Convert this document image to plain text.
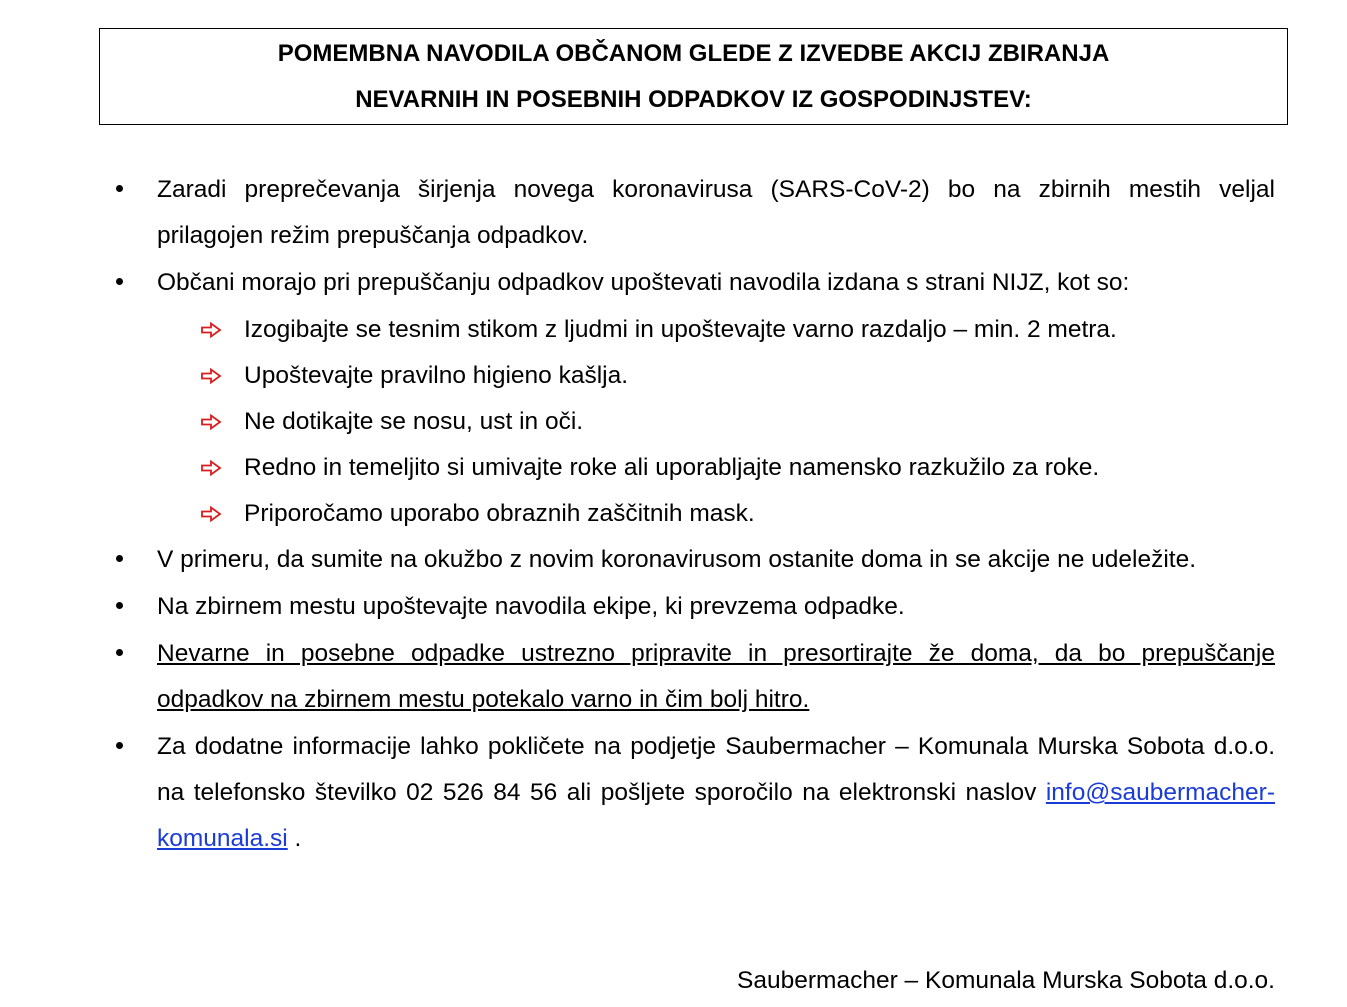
POMEMBNA NAVODILA OBČANOM GLEDE Z IZVEDBE AKCIJ ZBIRANJA
NEVARNIH IN POSEBNIH ODPADKOV IZ GOSPODINJSTEV:
Zaradi preprečevanja širjenja novega koronavirusa (SARS-CoV-2) bo na zbirnih mestih veljal prilagojen režim prepuščanja odpadkov.
Občani morajo pri prepuščanju odpadkov upoštevati navodila izdana s strani NIJZ, kot so:
Izogibajte se tesnim stikom z ljudmi in upoštevajte varno razdaljo – min. 2 metra.
Upoštevajte pravilno higieno kašlja.
Ne dotikajte se nosu, ust in oči.
Redno in temeljito si umivajte roke ali uporabljajte namensko razkužilo za roke.
Priporočamo uporabo obraznih zaščitnih mask.
V primeru, da sumite na okužbo z novim koronavirusom ostanite doma in se akcije ne udeležite.
Na zbirnem mestu upoštevajte navodila ekipe, ki prevzema odpadke.
Nevarne in posebne odpadke ustrezno pripravite in presortirajte že doma, da bo prepuščanje odpadkov na zbirnem mestu potekalo varno in čim bolj hitro.
Za dodatne informacije lahko pokličete na podjetje Saubermacher – Komunala Murska Sobota d.o.o. na telefonsko številko 02 526 84 56 ali pošljete sporočilo na elektronski naslov info@saubermacher-komunala.si .
Saubermacher – Komunala Murska Sobota d.o.o.
